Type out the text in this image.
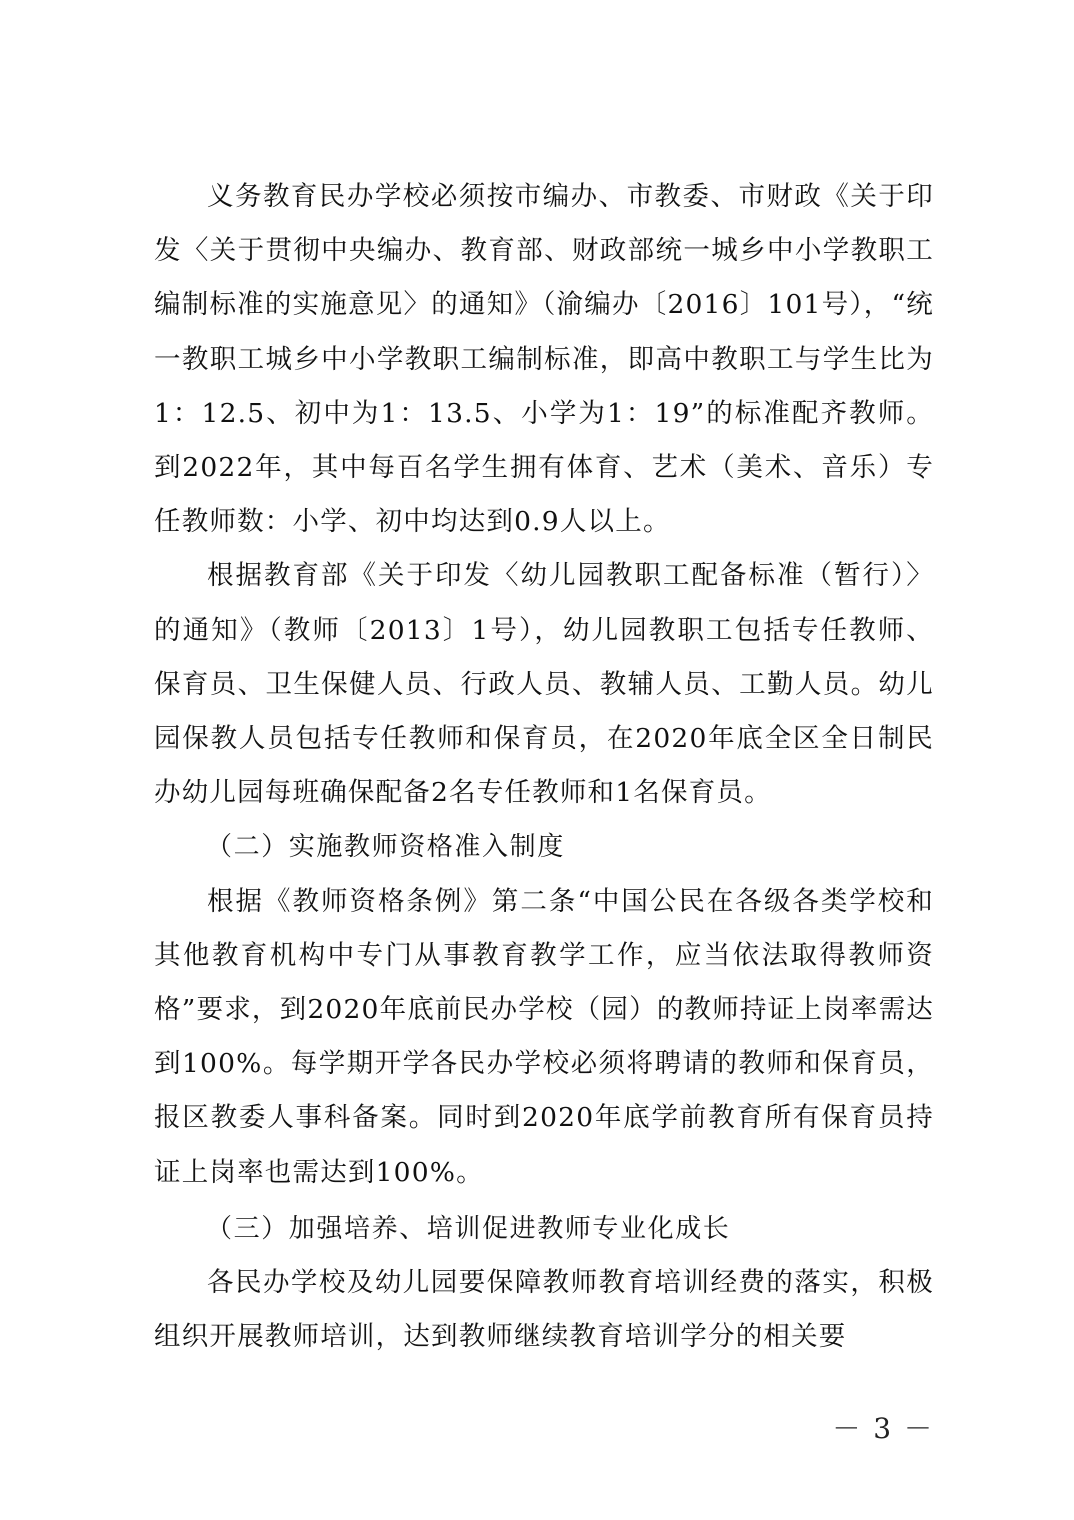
义务教育民办学校必须按市编办、市教委、市财政《关于印发〈关于贯彻中央编办、教育部、财政部统一城乡中小学教职工编制标准的实施意见〉的通知》（渝编办〔2016〕101号），“统一教职工城乡中小学教职工编制标准，即高中教职工与学生比为1：12.5、初中为1：13.5、小学为1：19”的标准配齐教师。到2022年，其中每百名学生拥有体育、艺术（美术、音乐）专任教师数：小学、初中均达到0.9人以上。

根据教育部《关于印发〈幼儿园教职工配备标准（暂行）〉的通知》（教师〔2013〕1号），幼儿园教职工包括专任教师、保育员、卫生保健人员、行政人员、教辅人员、工勤人员。幼儿园保教人员包括专任教师和保育员，在2020年底全区全日制民办幼儿园每班确保配备2名专任教师和1名保育员。

（二）实施教师资格准入制度

根据《教师资格条例》第二条“中国公民在各级各类学校和其他教育机构中专门从事教育教学工作，应当依法取得教师资格”要求，到2020年底前民办学校（园）的教师持证上岗率需达到100%。每学期开学各民办学校必须将聘请的教师和保育员，报区教委人事科备案。同时到2020年底学前教育所有保育员持证上岗率也需达到100%。

（三）加强培养、培训促进教师专业化成长

各民办学校及幼儿园要保障教师教育培训经费的落实，积极组织开展教师培训，达到教师继续教育培训学分的相关要

－ 3 －
